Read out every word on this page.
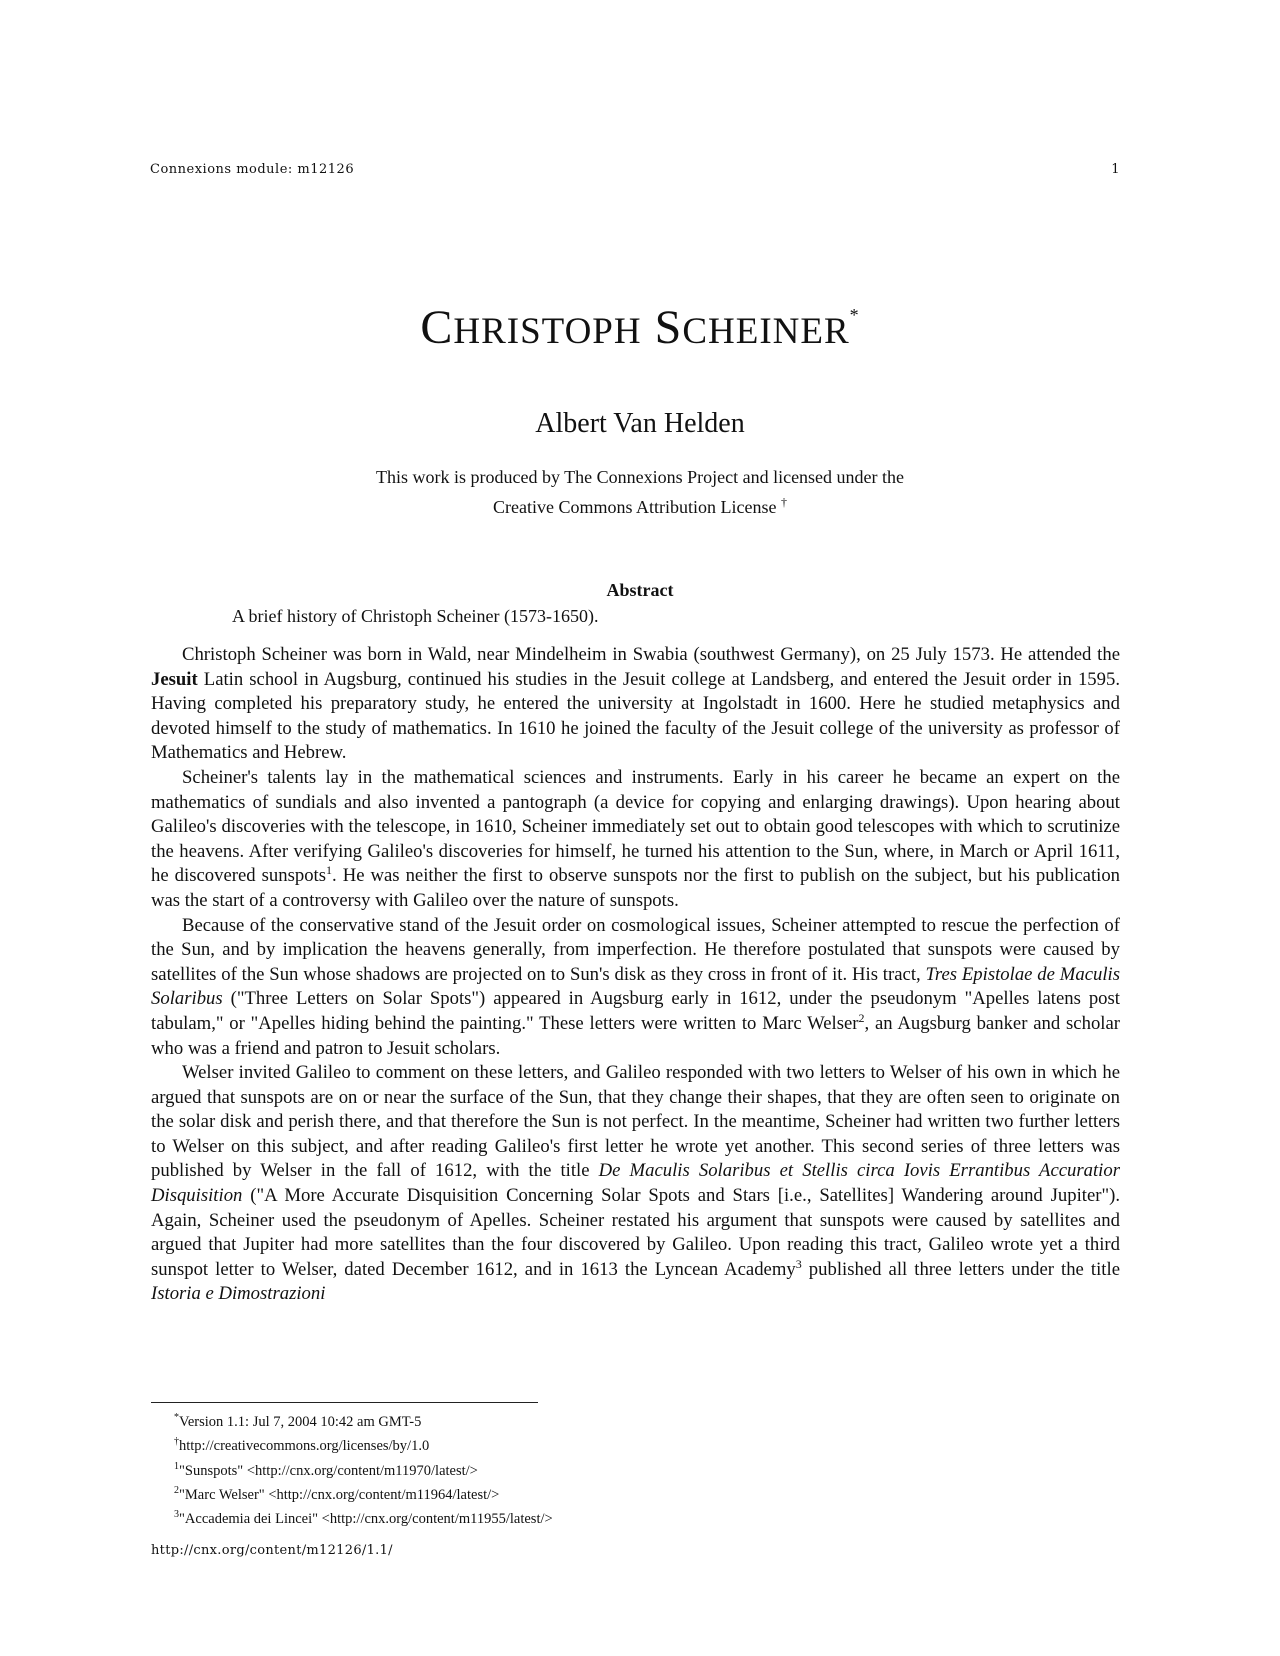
Connexions module: m12126	1
CHRISTOPH SCHEINER*
Albert Van Helden
This work is produced by The Connexions Project and licensed under the
Creative Commons Attribution License †
Abstract
A brief history of Christoph Scheiner (1573-1650).

Christoph Scheiner was born in Wald, near Mindelheim in Swabia (southwest Germany), on 25 July 1573. He attended the Jesuit Latin school in Augsburg, continued his studies in the Jesuit college at Landsberg, and entered the Jesuit order in 1595. Having completed his preparatory study, he entered the university at Ingolstadt in 1600. Here he studied metaphysics and devoted himself to the study of mathematics. In 1610 he joined the faculty of the Jesuit college of the university as professor of Mathematics and Hebrew.

Scheiner's talents lay in the mathematical sciences and instruments. Early in his career he became an expert on the mathematics of sundials and also invented a pantograph (a device for copying and enlarging drawings). Upon hearing about Galileo's discoveries with the telescope, in 1610, Scheiner immediately set out to obtain good telescopes with which to scrutinize the heavens. After verifying Galileo's discoveries for himself, he turned his attention to the Sun, where, in March or April 1611, he discovered sunspots$^1$. He was neither the first to observe sunspots nor the first to publish on the subject, but his publication was the start of a controversy with Galileo over the nature of sunspots.

Because of the conservative stand of the Jesuit order on cosmological issues, Scheiner attempted to rescue the perfection of the Sun, and by implication the heavens generally, from imperfection. He therefore postulated that sunspots were caused by satellites of the Sun whose shadows are projected on to Sun's disk as they cross in front of it. His tract, Tres Epistolae de Maculis Solaribus ("Three Letters on Solar Spots") appeared in Augsburg early in 1612, under the pseudonym "Apelles latens post tabulam," or "Apelles hiding behind the painting." These letters were written to Marc Welser$^2$, an Augsburg banker and scholar who was a friend and patron to Jesuit scholars.

Welser invited Galileo to comment on these letters, and Galileo responded with two letters to Welser of his own in which he argued that sunspots are on or near the surface of the Sun, that they change their shapes, that they are often seen to originate on the solar disk and perish there, and that therefore the Sun is not perfect. In the meantime, Scheiner had written two further letters to Welser on this subject, and after reading Galileo's first letter he wrote yet another. This second series of three letters was published by Welser in the fall of 1612, with the title De Maculis Solaribus et Stellis circa Iovis Errantibus Accuratior Disquisition ("A More Accurate Disquisition Concerning Solar Spots and Stars [i.e., Satellites] Wandering around Jupiter"). Again, Scheiner used the pseudonym of Apelles. Scheiner restated his argument that sunspots were caused by satellites and argued that Jupiter had more satellites than the four discovered by Galileo. Upon reading this tract, Galileo wrote yet a third sunspot letter to Welser, dated December 1612, and in 1613 the Lyncean Academy$^3$ published all three letters under the title Istoria e Dimostrazioni

*Version 1.1: Jul 7, 2004 10:42 am GMT-5
†http://creativecommons.org/licenses/by/1.0
$^1$"Sunspots" <http://cnx.org/content/m11970/latest/>
$^2$"Marc Welser" <http://cnx.org/content/m11964/latest/>
$^3$"Accademia dei Lincei" <http://cnx.org/content/m11955/latest/>
http://cnx.org/content/m12126/1.1/
